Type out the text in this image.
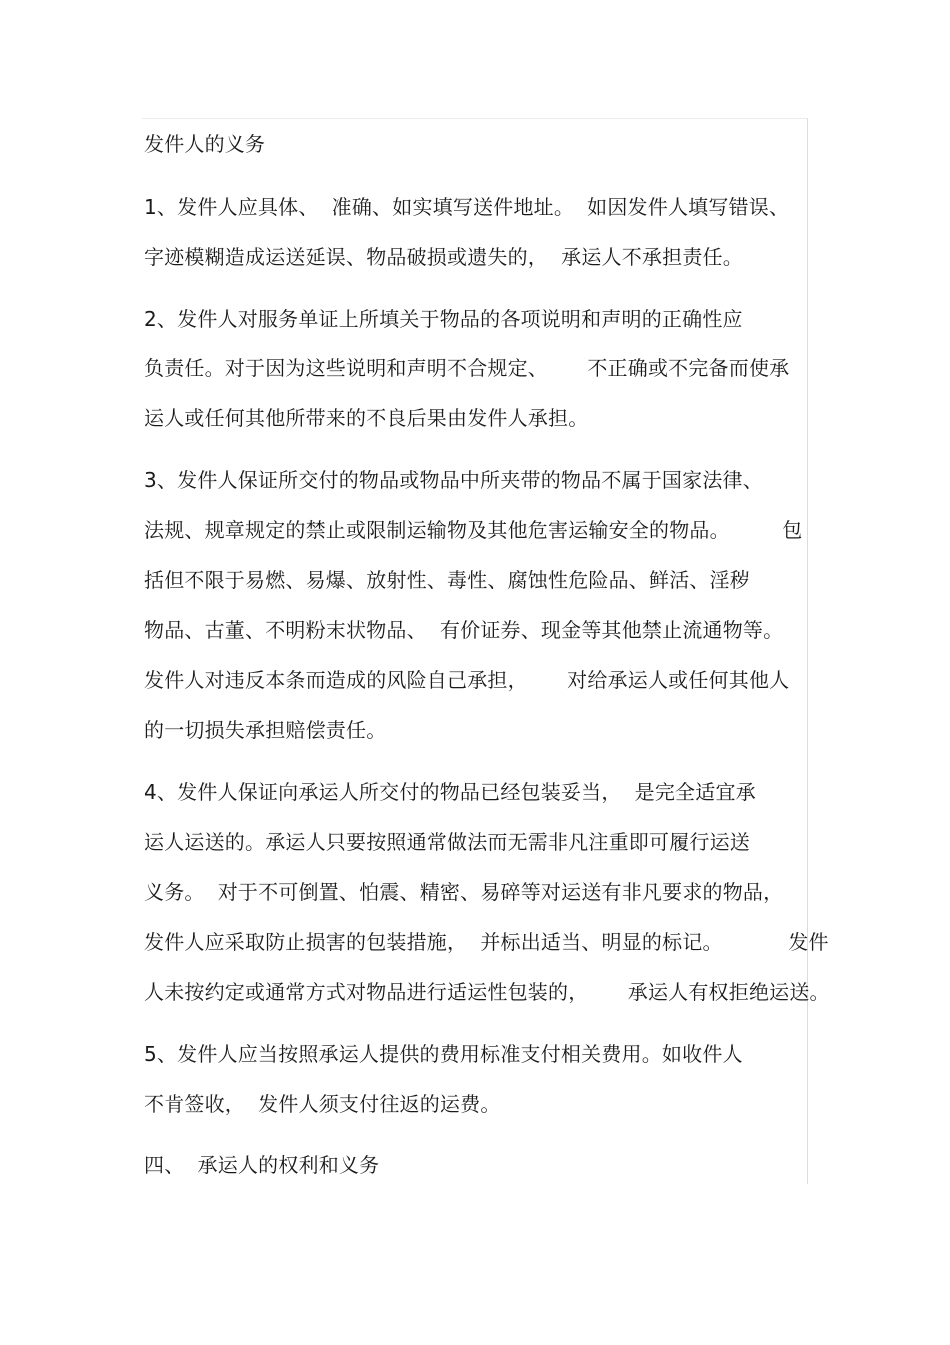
发件人的义务
1、发件人应具体、  准确、如实填写送件地址。  如因发件人填写错误、
字迹模糊造成运送延误、物品破损或遗失的，  承运人不承担责任。
2、发件人对服务单证上所填关于物品的各项说明和声明的正确性应
负责任。对于因为这些说明和声明不合规定、      不正确或不完备而使承
运人或任何其他所带来的不良后果由发件人承担。
3、发件人保证所交付的物品或物品中所夹带的物品不属于国家法律、
法规、规章规定的禁止或限制运输物及其他危害运输安全的物品。        包
括但不限于易燃、易爆、放射性、毒性、腐蚀性危险品、鲜活、淫秽
物品、古董、不明粉末状物品、  有价证券、现金等其他禁止流通物等。
发件人对违反本条而造成的风险自己承担，      对给承运人或任何其他人
的一切损失承担赔偿责任。
4、发件人保证向承运人所交付的物品已经包装妥当，  是完全适宜承
运人运送的。承运人只要按照通常做法而无需非凡注重即可履行运送
义务。  对于不可倒置、怕震、精密、易碎等对运送有非凡要求的物品，
发件人应采取防止损害的包装措施，  并标出适当、明显的标记。          发件
人未按约定或通常方式对物品进行适运性包装的，      承运人有权拒绝运送。
5、发件人应当按照承运人提供的费用标准支付相关费用。如收件人
不肯签收，  发件人须支付往返的运费。
四、  承运人的权利和义务
